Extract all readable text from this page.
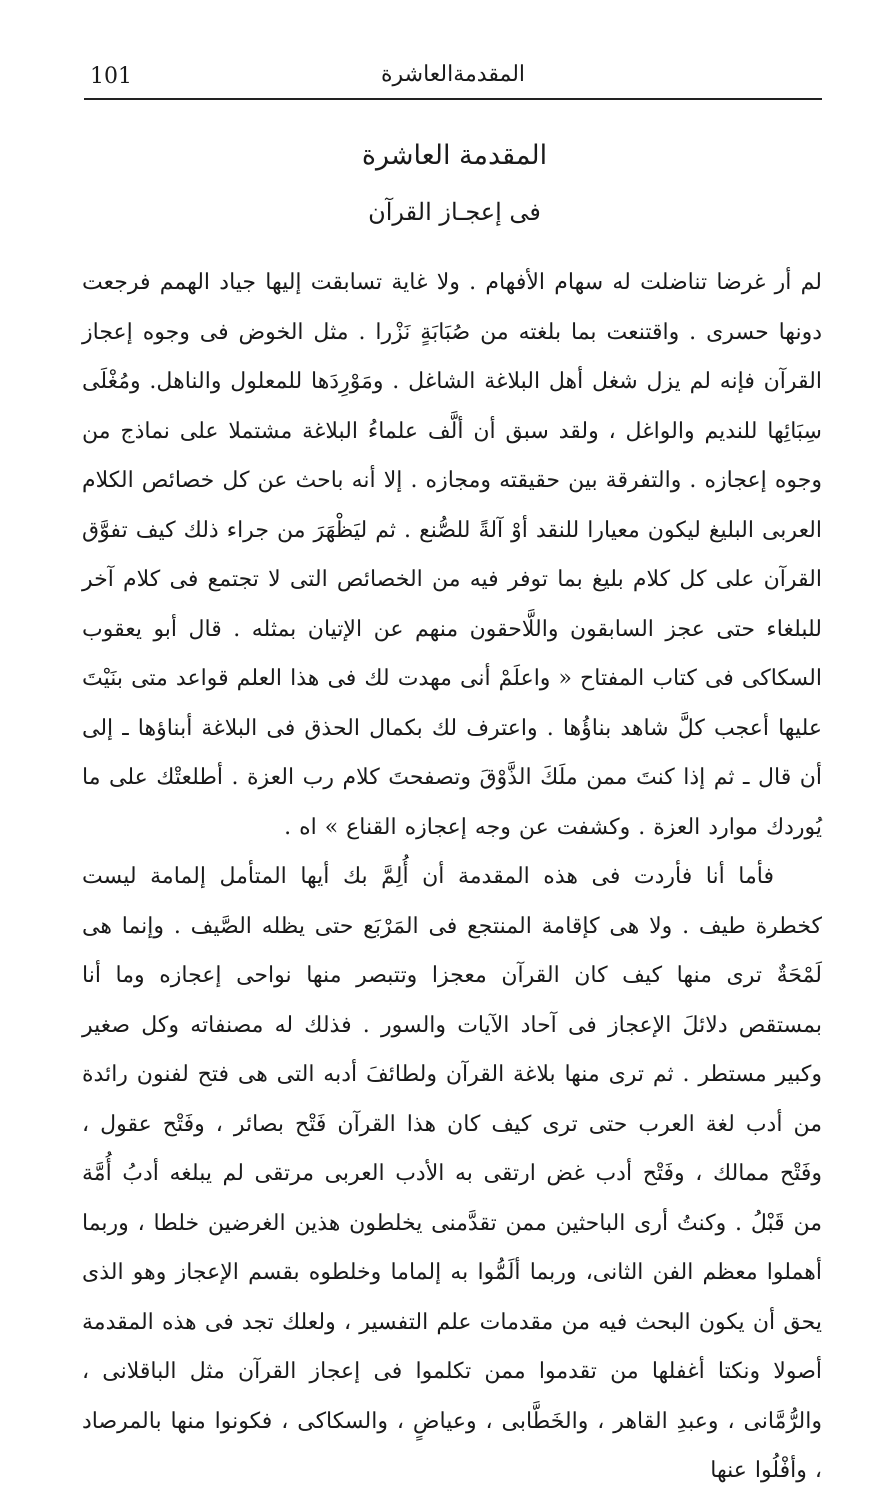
101	المقدمةالعاشرة
المقدمة العاشرة
فى إعجـاز القرآن

لم أر غرضا تناضلت له سهام الأفهام . ولا غاية تسابقت إليها جياد الهمم فرجعت دونها حسرى . واقتنعت بما بلغته من صُبَابَةٍ نَزْرا . مثل الخوض فى وجوه إعجاز القرآن فإنه لم يزل شغل أهل البلاغة الشاغل . ومَوْرِدَها للمعلول والناهل. ومُغْلَى سِبَائِها للنديم والواغل ، ولقد سبق أن ألَّف علماءُ البلاغة مشتملا على نماذج من وجوه إعجازه . والتفرقة بين حقيقته ومجازه . إلا أنه باحث عن كل خصائص الكلام العربى البليغ ليكون معيارا للنقد أوْ آلةً للصُّنع . ثم ليَظْهَرَ من جراء ذلك كيف تفوَّق القرآن على كل كلام بليغ بما توفر فيه من الخصائص التى لا تجتمع فى كلام آخر للبلغاء حتى عجز السابقون واللَّاحقون منهم عن الإتيان بمثله . قال أبو يعقوب السكاكى فى كتاب المفتاح « واعلَمْ أنى مهدت لك فى هذا العلم قواعد متى بنَيْتَ عليها أعجب كلَّ شاهد بناؤُها . واعترف لك بكمال الحذق فى البلاغة أبناؤها ـ إلى أن قال ـ ثم إذا كنتَ ممن ملَكَ الذَّوْقَ وتصفحتَ كلام رب العزة . أطلعتْك على ما يُوردك موارد العزة . وكشفت عن وجه إعجازه القناع » اه .

فأما أنا فأردت فى هذه المقدمة أن أُلِمَّ بك أيها المتأمل إلمامة ليست كخطرة طيف . ولا هى كإقامة المنتجع فى المَرْبَع حتى يظله الصَّيف . وإنما هى لَمْحَةٌ ترى منها كيف كان القرآن معجزا وتتبصر منها نواحى إعجازه وما أنا بمستقص دلائلَ الإعجاز فى آحاد الآيات والسور . فذلك له مصنفاته وكل صغير وكبير مستطر . ثم ترى منها بلاغة القرآن ولطائفَ أدبه التى هى فتح لفنون رائدة من أدب لغة العرب حتى ترى كيف كان هذا القرآن فَتْح بصائر ، وفَتْح عقول ، وفَتْح ممالك ، وفَتْح أدب غض ارتقى به الأدب العربى مرتقى لم يبلغه أدبُ أُمَّة من قَبْلُ . وكنتُ أرى الباحثين ممن تقدَّمنى يخلطون هذين الغرضين خلطا ، وربما أهملوا معظم الفن الثانى، وربما ألَمُّوا به إلماما وخلطوه بقسم الإعجاز وهو الذى يحق أن يكون البحث فيه من مقدمات علم التفسير ، ولعلك تجد فى هذه المقدمة أصولا ونكتا أغفلها من تقدموا ممن تكلموا فى إعجاز القرآن مثل الباقلانى ، والرُّمَّانى ، وعبدِ القاهر ، والخَطَّابى ، وعياضٍ ، والسكاكى ، فكونوا منها بالمرصاد ، وأفْلُوا عنها
